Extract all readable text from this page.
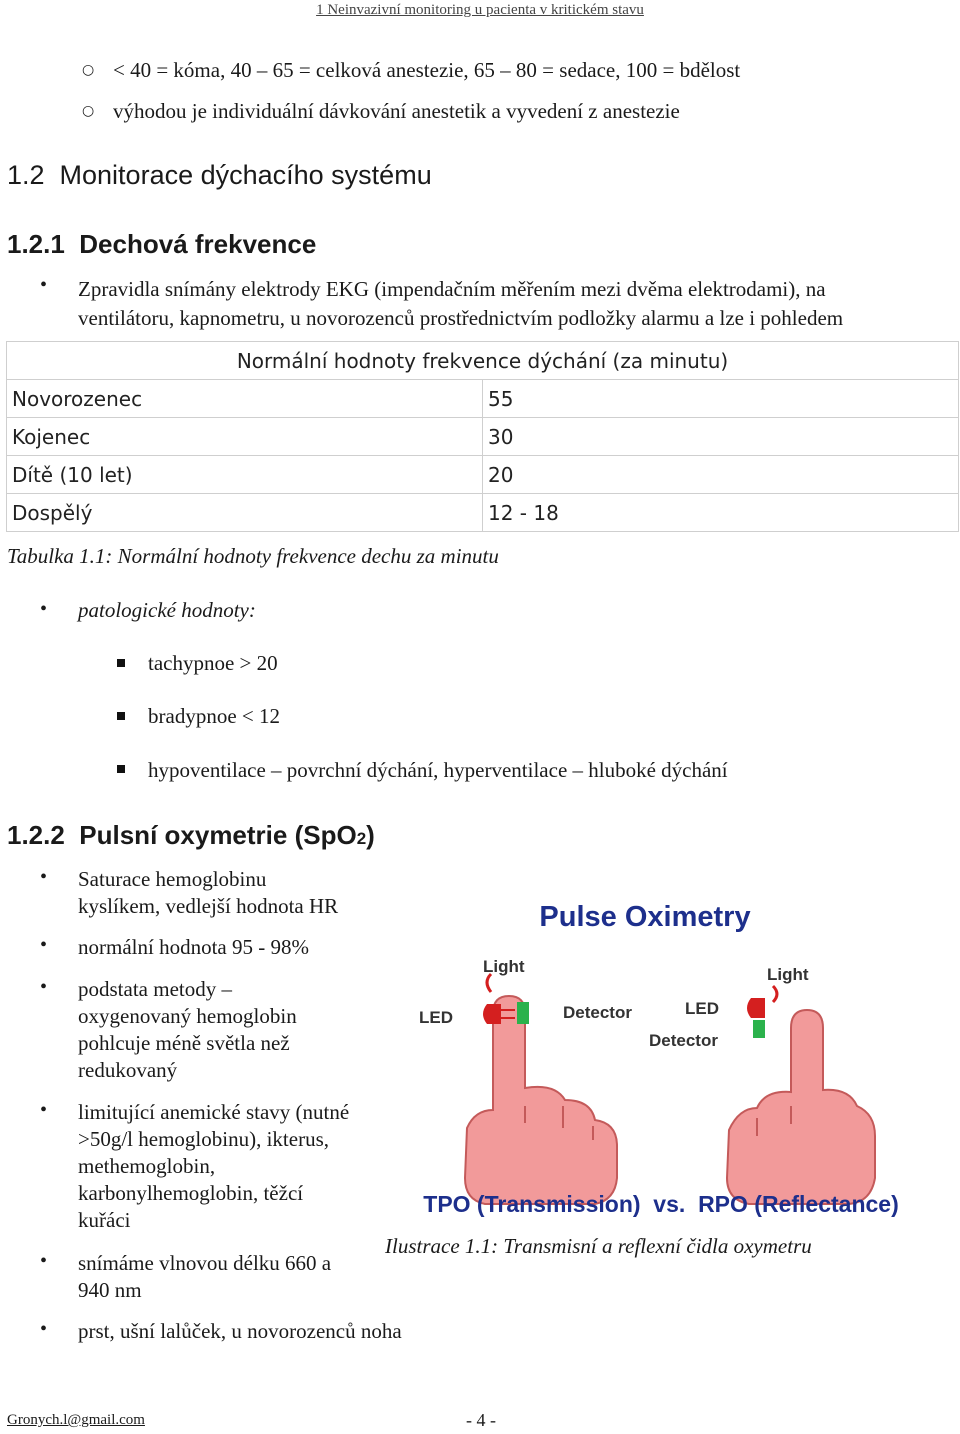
1 Neinvazivní monitoring u pacienta v kritickém stavu
○ < 40 = kóma, 40 – 65 = celková anestezie, 65 – 80 = sedace, 100 = bdělost
○ výhodou je individuální dávkování anestetik a vyvedení z anestezie
1.2  Monitorace dýchacího systému
1.2.1  Dechová frekvence
• Zpravidla snímány elektrody EKG (impendačním měřením mezi dvěma elektrodami), na
ventilátoru, kapnometru, u novorozenců prostřednictvím podložky alarmu a lze i pohledem
Normální hodnoty frekvence dýchání (za minutu)	
Novorozenec	55
Kojenec	30
Dítě (10 let)	20
Dospělý	12 - 18
Tabulka 1.1: Normální hodnoty frekvence dechu za minutu
• patologické hodnoty:
tachypnoe > 20
bradypnoe < 12
hypoventilace – povrchní dýchání, hyperventilace – hluboké dýchání
1.2.2  Pulsní oxymetrie (SpO2)
• Saturace hemoglobinu
kyslíkem, vedlejší hodnota HR
• normální hodnota 95 - 98%
• podstata metody –
oxygenovaný hemoglobin
pohlcuje méně světla než
redukovaný
• limitující anemické stavy (nutné
>50g/l hemoglobinu), ikterus,
methemoglobin,
karbonylhemoglobin, těžcí
kuřáci
• snímáme vlnovou délku 660 a
940 nm
• prst, ušní lalůček, u novorozenců noha
Pulse Oximetry
Light
LED	Detector
Light
LED
Detector
TPO (Transmission)  vs.  RPO (Reflectance)
Ilustrace 1.1: Transmisní a reflexní čidla oxymetru
Gronych.l@gmail.com	- 4 -
